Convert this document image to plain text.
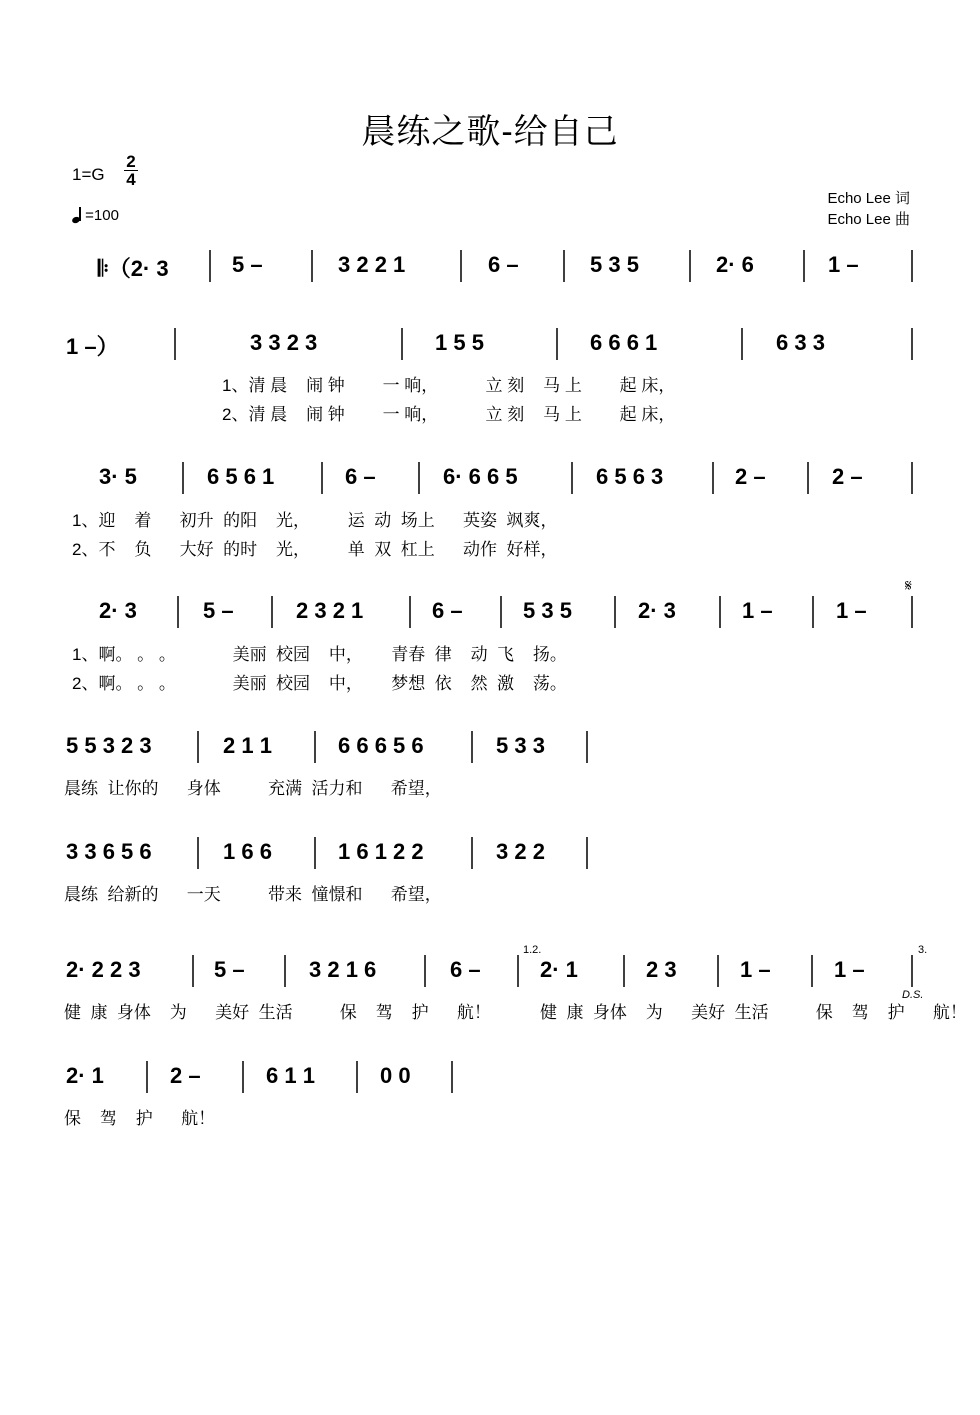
晨练之歌-给自己
1=G
2
4
=100
Echo Lee 词
Echo Lee 曲
𝄆（2· 3	5 –	3 2 2 1	6 –	5 3 5	2· 6	1 –
1 –）	3 3 2 3	1 5 5	6 6 6 1	6 3 3
1、清 晨    闹 钟        一 响，          立 刻    马 上        起 床，
2、清 晨    闹 钟        一 响，          立 刻    马 上        起 床，
3· 5	6 5 6 1	6 –	6· 6 6 5	6 5 6 3	2 –	2 –
1、迎    着      初升  的阳    光，        运  动  场上      英姿  飒爽，
2、不    负      大好  的时    光，        单  双  杠上      动作  好样，
2· 3	5 –	2 3 2 1	6 –	5 3 5	2· 3	1 –	1 –
𝄋
1、啊。 。 。            美丽  校园    中，      青春  律    动  飞    扬。
2、啊。 。 。            美丽  校园    中，      梦想  依    然  激    荡。
5 5 3 2 3	2 1 1	6 6 6 5 6	5 3 3
晨练  让你的      身体          充满  活力和      希望，
3 3 6 5 6	1 6 6	1 6 1 2 2	3 2 2
晨练  给新的      一天          带来  憧憬和      希望，
2· 2 2 3	5 –	3 2 1 6	6 –	2· 1	2 3	1 –	1 –
1.2.	3.
D.S.
健  康  身体    为      美好  生活          保    驾    护      航！	健  康  身体    为      美好  生活          保    驾    护      航！
2· 1	2 –	6 1 1	0 0
保    驾    护      航！
